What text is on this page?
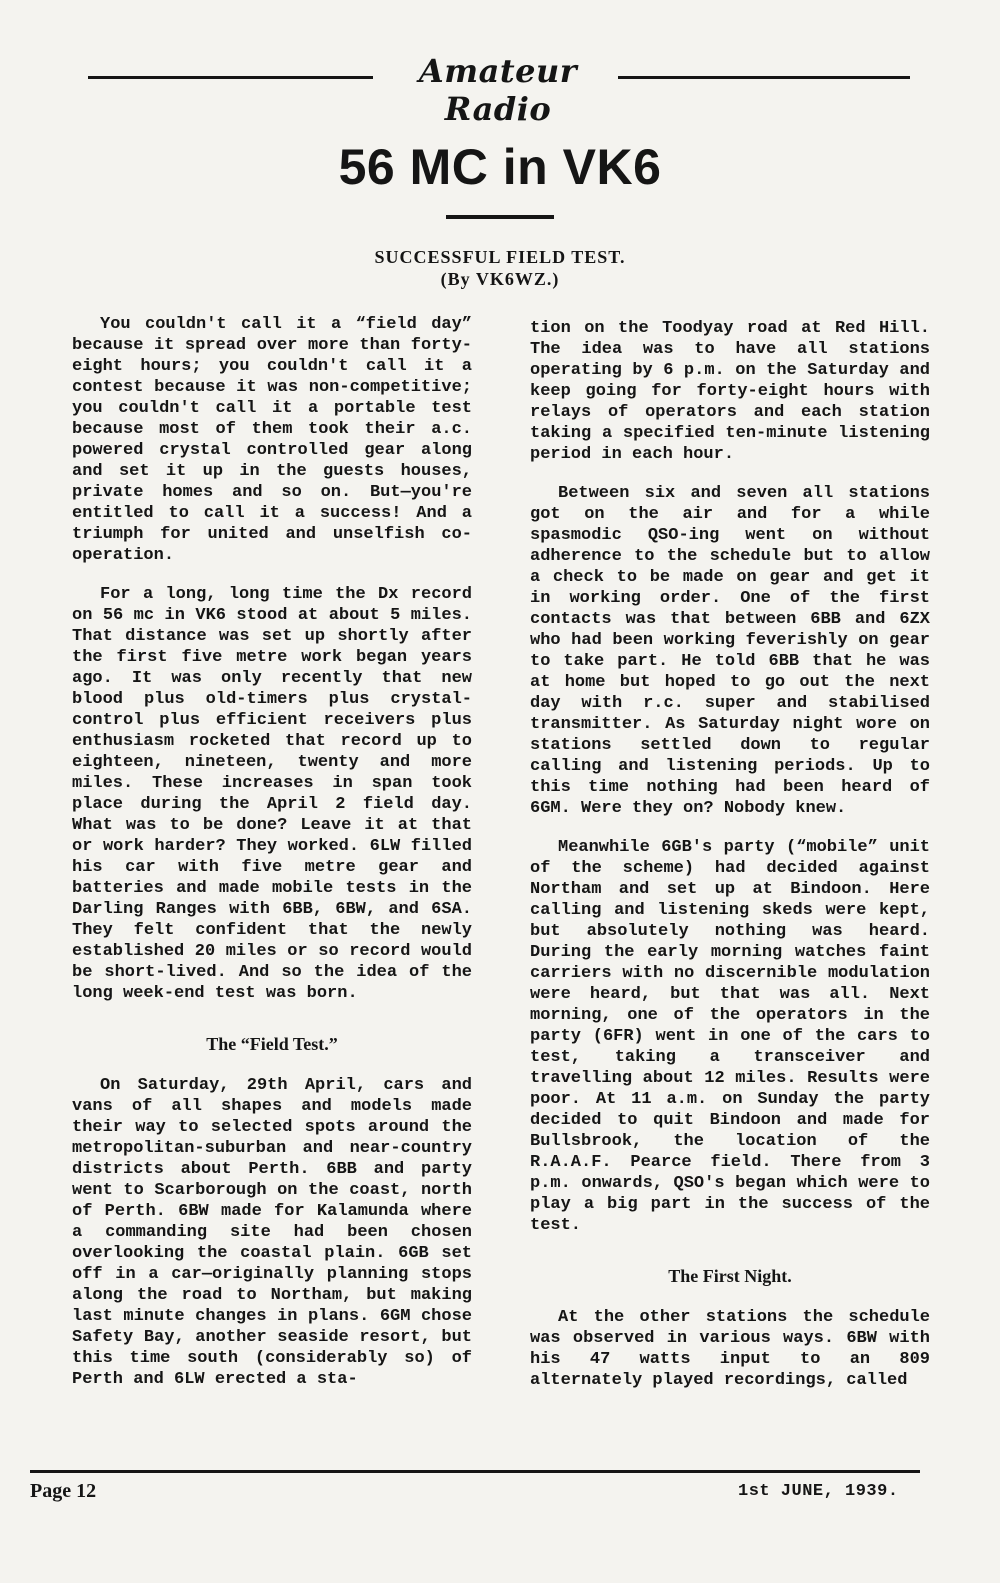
Amateur Radio
56 MC in VK6
SUCCESSFUL FIELD TEST.
(By VK6WZ.)

You couldn't call it a “field day” because it spread over more than forty-eight hours; you couldn't call it a contest because it was non-competitive; you couldn't call it a portable test because most of them took their a.c. powered crystal controlled gear along and set it up in the guests houses, private homes and so on. But—you're entitled to call it a success! And a triumph for united and unselfish co-operation.

For a long, long time the Dx record on 56 mc in VK6 stood at about 5 miles. That distance was set up shortly after the first five metre work began years ago. It was only recently that new blood plus old-timers plus crystal-control plus efficient receivers plus enthusiasm rocketed that record up to eighteen, nineteen, twenty and more miles. These increases in span took place during the April 2 field day. What was to be done? Leave it at that or work harder? They worked. 6LW filled his car with five metre gear and batteries and made mobile tests in the Darling Ranges with 6BB, 6BW, and 6SA. They felt confident that the newly established 20 miles or so record would be short-lived. And so the idea of the long week-end test was born.

The “Field Test.”

On Saturday, 29th April, cars and vans of all shapes and models made their way to selected spots around the metropolitan-suburban and near-country districts about Perth. 6BB and party went to Scarborough on the coast, north of Perth. 6BW made for Kalamunda where a commanding site had been chosen overlooking the coastal plain. 6GB set off in a car—originally planning stops along the road to Northam, but making last minute changes in plans. 6GM chose Safety Bay, another seaside resort, but this time south (considerably so) of Perth and 6LW erected a sta-

tion on the Toodyay road at Red Hill. The idea was to have all stations operating by 6 p.m. on the Saturday and keep going for forty-eight hours with relays of operators and each station taking a specified ten-minute listening period in each hour.

Between six and seven all stations got on the air and for a while spasmodic QSO-ing went on without adherence to the schedule but to allow a check to be made on gear and get it in working order. One of the first contacts was that between 6BB and 6ZX who had been working feverishly on gear to take part. He told 6BB that he was at home but hoped to go out the next day with r.c. super and stabilised transmitter. As Saturday night wore on stations settled down to regular calling and listening periods. Up to this time nothing had been heard of 6GM. Were they on? Nobody knew.

Meanwhile 6GB's party (“mobile” unit of the scheme) had decided against Northam and set up at Bindoon. Here calling and listening skeds were kept, but absolutely nothing was heard. During the early morning watches faint carriers with no discernible modulation were heard, but that was all. Next morning, one of the operators in the party (6FR) went in one of the cars to test, taking a transceiver and travelling about 12 miles. Results were poor. At 11 a.m. on Sunday the party decided to quit Bindoon and made for Bullsbrook, the location of the R.A.A.F. Pearce field. There from 3 p.m. onwards, QSO's began which were to play a big part in the success of the test.

The First Night.

At the other stations the schedule was observed in various ways. 6BW with his 47 watts input to an 809 alternately played recordings, called

Page 12	1st JUNE, 1939.
